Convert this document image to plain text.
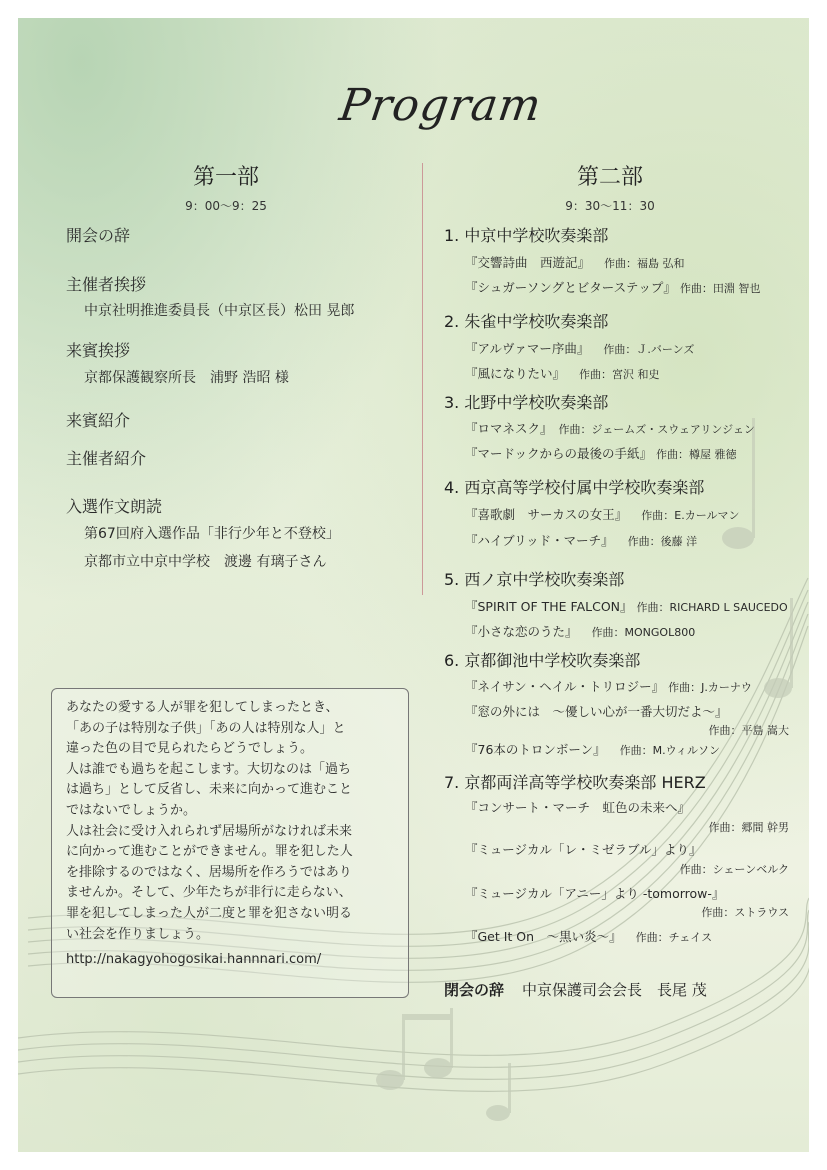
Program
第一部
9：00〜9：25
開会の辞
主催者挨拶
中京社明推進委員長（中京区長）松田 晃郎
来賓挨拶
京都保護観察所長　浦野 浩昭 様
来賓紹介
主催者紹介
入選作文朗読
第67回府入選作品「非行少年と不登校」
京都市立中京中学校　渡邊 有璃子さん
あなたの愛する人が罪を犯してしまったとき、
「あの子は特別な子供」「あの人は特別な人」と
違った色の目で見られたらどうでしょう。
人は誰でも過ちを起こします。大切なのは「過ち
は過ち」として反省し、未来に向かって進むこと
ではないでしょうか。
人は社会に受け入れられず居場所がなければ未来
に向かって進むことができません。罪を犯した人
を排除するのではなく、居場所を作ろうではあり
ませんか。そして、少年たちが非行に走らない、
罪を犯してしまった人が二度と罪を犯さない明る
い社会を作りましょう。
http://nakagyohogosikai.hannnari.com/
第二部
9：30〜11：30
1. 中京中学校吹奏楽部
『交響詩曲　西遊記』 作曲：福島 弘和
『シュガーソングとビターステップ』 作曲：田淵 智也
2. 朱雀中学校吹奏楽部
『アルヴァマー序曲』 作曲：Ｊ.バーンズ
『風になりたい』 作曲：宮沢 和史
3. 北野中学校吹奏楽部
『ロマネスク』 作曲：ジェームズ・スウェアリンジェン
『マードックからの最後の手紙』 作曲：樽屋 雅徳
4. 西京高等学校付属中学校吹奏楽部
『喜歌劇　サーカスの女王』 作曲：E.カールマン
『ハイブリッド・マーチ』 作曲：後藤 洋
5. 西ノ京中学校吹奏楽部
『SPIRIT OF THE FALCON』 作曲：RICHARD L SAUCEDO
『小さな恋のうた』 作曲：MONGOL800
6. 京都御池中学校吹奏楽部
『ネイサン・ヘイル・トリロジー』 作曲：J.カーナウ
『窓の外には　〜優しい心が一番大切だよ〜』
作曲：平島 嵩大
『76本のトロンボーン』 作曲：M.ウィルソン
7. 京都両洋高等学校吹奏楽部 HERZ
『コンサート・マーチ　虹色の未来へ』
作曲：郷間 幹男
『ミュージカル「レ・ミゼラブル」より』
作曲：シェーンベルク
『ミュージカル「アニー」より -tomorrow-』
作曲：ストラウス
『Get It On　〜黒い炎〜』 作曲：チェイス
閉会の辞 中京保護司会会長　長尾 茂
